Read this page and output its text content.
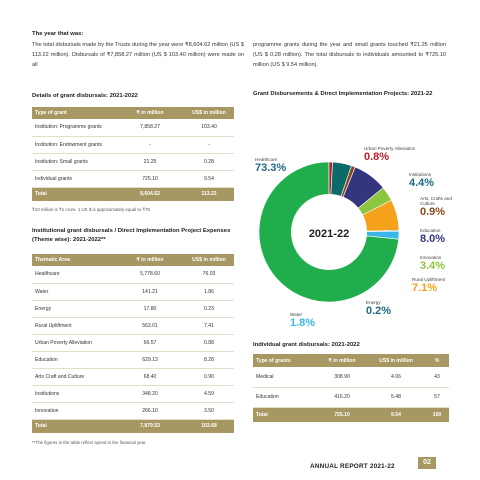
The year that was:
The total disbursals made by the Trusts during the year were ₹8,604.62 million (US $ 113.22 million). Disbursals of ₹7,858.27 million (US $ 103.40 million) were made on all
programme grants during the year and small grants touched ₹21.25 million (US $ 0.28 million). The total disbursals to individuals amounted to ₹725.10 million (US $ 9.54 million).
Details of grant disbursals: 2021-2022
Type of grant	₹ in million	US$ in million
Institution: Programme grants	7,858.27	103.40
Institution: Endowment grants	-	-
Institution: Small grants	21.25	0.28
Individual grants	725.10	9.54
Total	8,604.62	113.22
₹10 million is ₹1 crore. 1 US $ is approximately equal to ₹76
Institutional grant disbursals / Direct Implementation Project Expenses (Theme wise): 2021-2022**
Thematic Area	₹ in million	US$ in million
Healthcare	5,778.60	76.03
Water	141.21	1.86
Energy	17.80	0.23
Rural Upliftment	563.01	7.41
Urban Poverty Alleviation	66.57	0.88
Education	629.13	8.28
Arts Craft and Culture	68.40	0.90
Institutions	348.20	4.59
Innovation	266.10	3.50
Total	7,879.53	103.68
**The figures in the table reflect spend in the financial year.
Grant Disbursements & Direct Implementation Projects: 2021-22
2021-22
Healthcare
73.3%
Urban Poverty Alleviation
0.8%
Institutions
4.4%
Arts, Crafts and Culture
0.9%
Education
8.0%
Innovation
3.4%
Rural Upliftment
7.1%
Energy
0.2%
Water
1.8%
Individual grant disbursals: 2021-2022
Type of grants	₹ in million	US$ in million	%
Medical	308.90	4.06	43
Education	416.20	5.48	57
Total	725.10	9.54	100
ANNUAL REPORT 2021-22
02
